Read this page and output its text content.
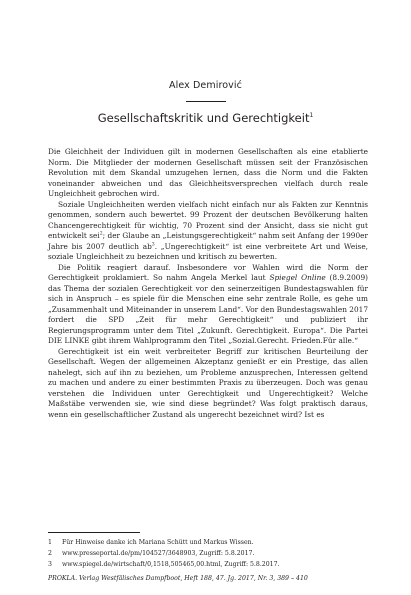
Alex Demirović
Gesellschaftskritik und Gerechtigkeit$^1$

Die Gleichheit der Individuen gilt in modernen Gesellschaften als eine etablierte Norm. Die Mitglieder der modernen Gesellschaft müssen seit der Französischen Revolution mit dem Skandal umzugehen lernen, dass die Norm und die Fakten voneinander abweichen und das Gleichheitsversprechen vielfach durch reale Ungleichheit gebrochen wird.

Soziale Ungleichheiten werden vielfach nicht einfach nur als Fakten zur Kenntnis genommen, sondern auch bewertet. 99 Prozent der deutschen Bevölkerung halten Chancengerechtigkeit für wichtig, 70 Prozent sind der Ansicht, dass sie nicht gut entwickelt sei$^2$; der Glaube an „Leistungsgerechtigkeit“ nahm seit Anfang der 1990er Jahre bis 2007 deutlich $ab^3$. „Ungerechtigkeit“ ist eine verbreitete Art und Weise, soziale Ungleichheit zu bezeichnen und kritisch zu bewerten.

Die Politik reagiert darauf. Insbesondere vor Wahlen wird die Norm der Gerechtigkeit proklamiert. So nahm Angela Merkel laut Spiegel Online (8.9.2009) das Thema der sozialen Gerechtigkeit vor den seinerzeitigen Bundestagswahlen für sich in Anspruch – es spiele für die Menschen eine sehr zentrale Rolle, es gehe um „Zusammenhalt und Miteinander in unserem Land“. Vor den Bundestagswahlen 2017 fordert die SPD „Zeit für mehr Gerechtigkeit“ und publiziert ihr Regierungsprogramm unter dem Titel „Zukunft. Gerechtigkeit. Europa“. Die Partei DIE LINKE gibt ihrem Wahlprogramm den Titel „Sozial.Gerecht. Frieden.Für alle.“

Gerechtigkeit ist ein weit verbreiteter Begriff zur kritischen Beurteilung der Gesellschaft. Wegen der allgemeinen Akzeptanz genießt er ein Prestige, das allen nahelegt, sich auf ihn zu beziehen, um Probleme anzusprechen, Interessen geltend zu machen und andere zu einer bestimmten Praxis zu überzeugen. Doch was genau verstehen die Individuen unter Gerechtigkeit und Ungerechtigkeit? Welche Maßstäbe verwenden sie, wie sind diese begründet? Was folgt praktisch daraus, wenn ein gesellschaftlicher Zustand als ungerecht bezeichnet wird? Ist es

1 Für Hinweise danke ich Mariana Schütt und Markus Wissen.
2 www.presseportal.de/pm/104527/3648903, Zugriff: 5.8.2017.
3 www.spiegel.de/wirtschaft/0,1518,505465,00.html, Zugriff: 5.8.2017.
PROKLA. Verlag Westfälisches Dampfboot, Heft 188, 47. Jg. 2017, Nr. 3, 389 – 410
